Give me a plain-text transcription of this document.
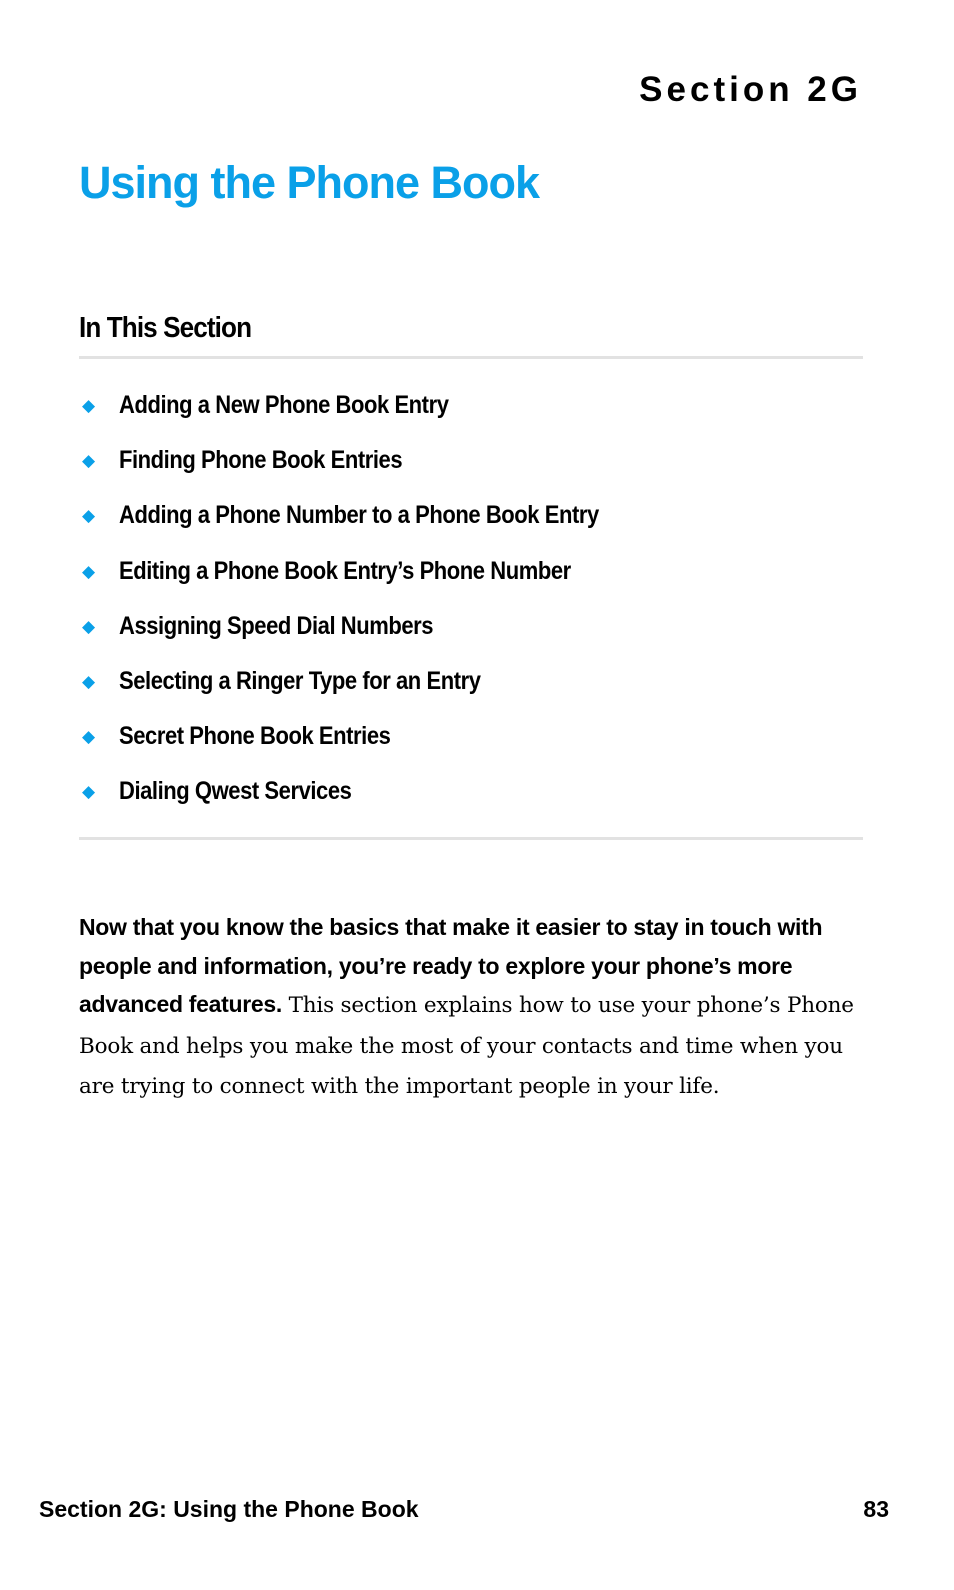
Section 2G
Using the Phone Book
In This Section
◆ Adding a New Phone Book Entry
◆ Finding Phone Book Entries
◆ Adding a Phone Number to a Phone Book Entry
◆ Editing a Phone Book Entry’s Phone Number
◆ Assigning Speed Dial Numbers
◆ Selecting a Ringer Type for an Entry
◆ Secret Phone Book Entries
◆ Dialing Qwest Services

Now that you know the basics that make it easier to stay in touch with people and information, you’re ready to explore your phone’s more advanced features. This section explains how to use your phone’s Phone Book and helps you make the most of your contacts and time when you are trying to connect with the important people in your life.

Section 2G: Using the Phone Book	83
